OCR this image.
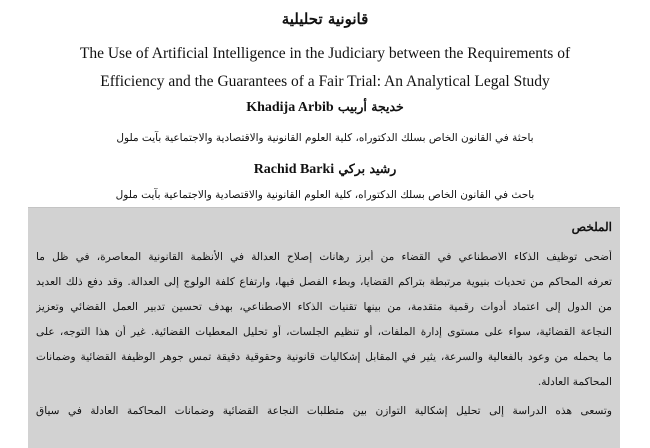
قانونية تحليلية
The Use of Artificial Intelligence in the Judiciary between the Requirements of
Efficiency and the Guarantees of a Fair Trial: An Analytical Legal Study
خديجة أربيب Khadija Arbib
باحثة في القانون الخاص بسلك الدكتوراه، كلية العلوم القانونية والاقتصادية والاجتماعية بآيت ملول
رشيد بركي Rachid Barki
باحث في القانون الخاص بسلك الدكتوراه، كلية العلوم القانونية والاقتصادية والاجتماعية بآيت ملول
الملخص
أضحى توظيف الذكاء الاصطناعي في القضاء من أبرز رهانات إصلاح العدالة في الأنظمة القانونية المعاصرة، في ظل ما
تعرفه المحاكم من تحديات بنيوية مرتبطة بتراكم القضايا، وبطء الفصل فيها، وارتفاع كلفة الولوج إلى العدالة. وقد دفع ذلك العديد
من الدول إلى اعتماد أدوات رقمية متقدمة، من بينها تقنيات الذكاء الاصطناعي، بهدف تحسين تدبير العمل القضائي وتعزيز
النجاعة القضائية، سواء على مستوى إدارة الملفات، أو تنظيم الجلسات، أو تحليل المعطيات القضائية. غير أن هذا التوجه، على
ما يحمله من وعود بالفعالية والسرعة، يثير في المقابل إشكاليات قانونية وحقوقية دقيقة تمس جوهر الوظيفة القضائية وضمانات
المحاكمة العادلة.
وتسعى هذه الدراسة إلى تحليل إشكالية التوازن بين متطلبات النجاعة القضائية وضمانات المحاكمة العادلة في سياق
